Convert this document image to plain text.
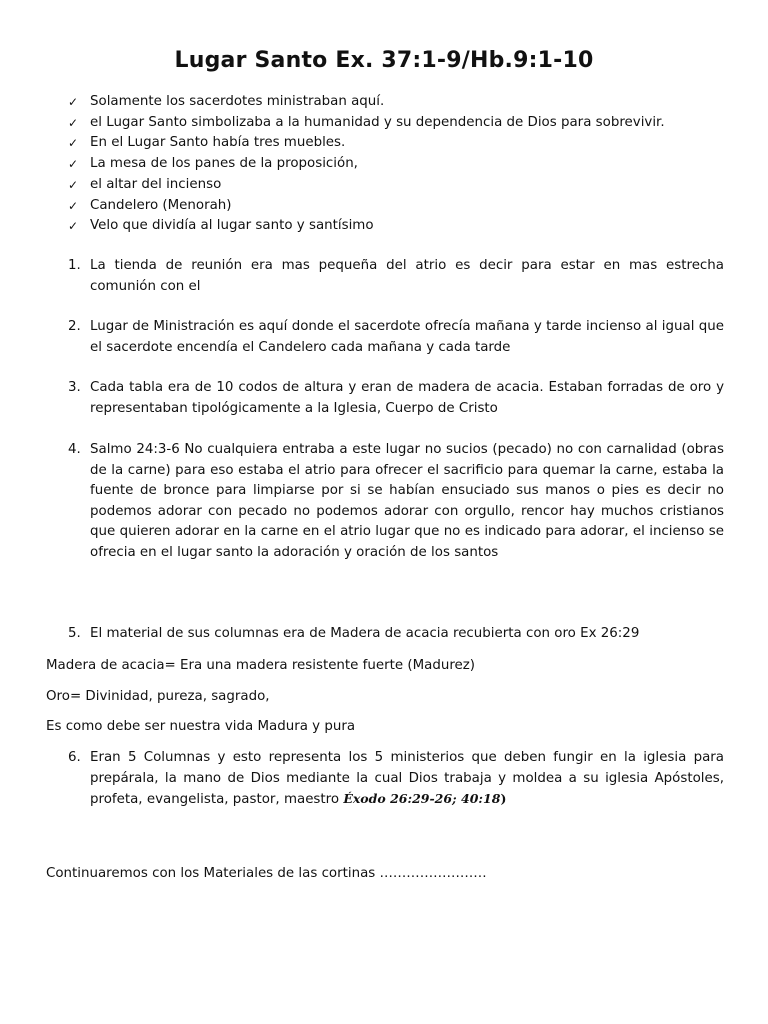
Lugar Santo Ex. 37:1-9/Hb.9:1-10
✓ Solamente los sacerdotes ministraban aquí.
✓ el Lugar Santo simbolizaba a la humanidad y su dependencia de Dios para sobrevivir.
✓ En el Lugar Santo había tres muebles.
✓ La mesa de los panes de la proposición,
✓ el altar del incienso
✓ Candelero (Menorah)
✓ Velo que dividía al lugar santo y santísimo
1. La tienda de reunión era mas pequeña del atrio es decir para estar en mas estrecha comunión con el
2. Lugar de Ministración es aquí donde el sacerdote ofrecía mañana y tarde incienso al igual que el sacerdote encendía el Candelero cada mañana y cada tarde
3. Cada tabla era de 10 codos de altura y eran de madera de acacia. Estaban forradas de oro y representaban tipológicamente a la Iglesia, Cuerpo de Cristo
4. Salmo 24:3-6 No cualquiera entraba a este lugar no sucios (pecado) no con carnalidad (obras de la carne) para eso estaba el atrio para ofrecer el sacrificio para quemar la carne, estaba la fuente de bronce para limpiarse por si se habían ensuciado sus manos o pies es decir no podemos adorar con pecado no podemos adorar con orgullo, rencor hay muchos cristianos que quieren adorar en la carne en el atrio lugar que no es indicado para adorar, el incienso se ofrecia en el lugar santo la adoración y oración de los santos
5. El material de sus columnas era de Madera de acacia recubierta con oro Ex 26:29
Madera de acacia= Era una madera resistente fuerte (Madurez)
Oro= Divinidad, pureza, sagrado,
Es como debe ser nuestra vida Madura y pura
6. Eran 5 Columnas y esto representa los 5 ministerios que deben fungir en la iglesia para prepárala, la mano de Dios mediante la cual Dios trabaja y moldea a su iglesia Apóstoles, profeta, evangelista, pastor, maestro Éxodo 26:29-26; 40:18)
Continuaremos con los Materiales de las cortinas ……………………
